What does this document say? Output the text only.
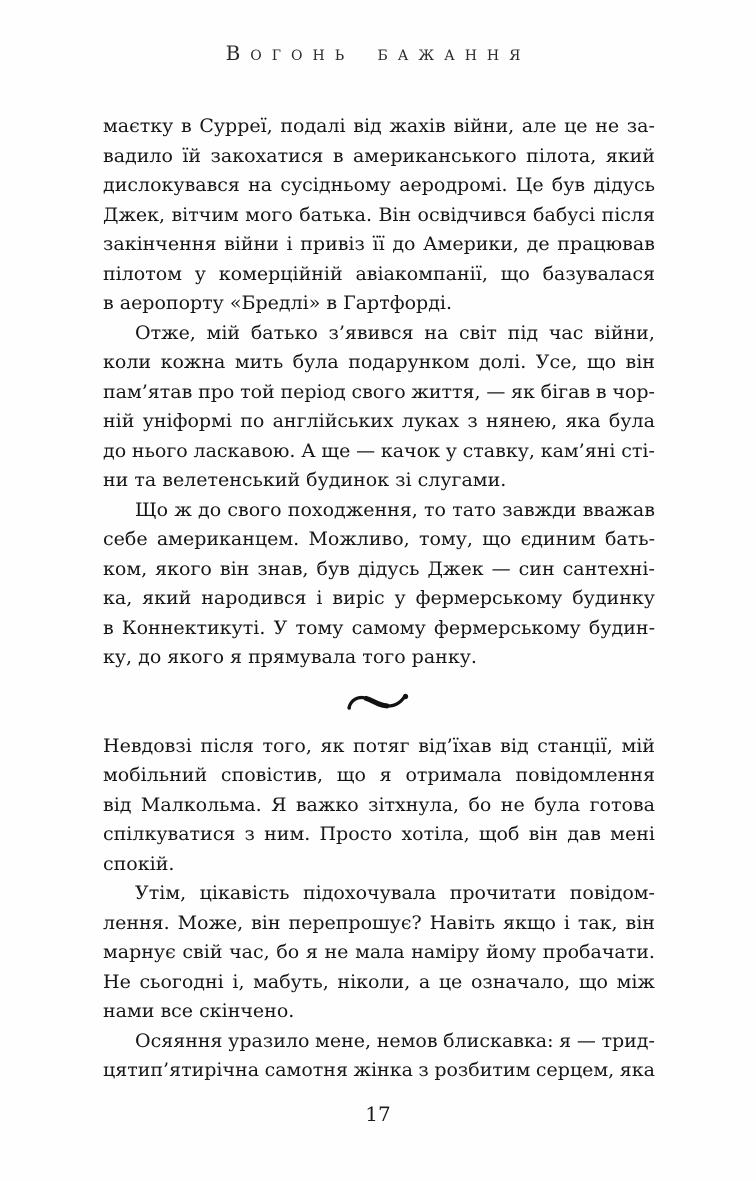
Вогонь бажання
маєтку в Сурреї, подалі від жахів війни, але це не за-
вадило їй закохатися в американського пілота, який
дислокувався на сусідньому аеродромі. Це був дідусь
Джек, вітчим мого батька. Він освідчився бабусі після
закінчення війни і привіз її до Америки, де працював
пілотом у комерційній авіакомпанії, що базувалася
в аеропорту «Бредлі» в Гартфорді.
Отже, мій батько з’явився на світ під час війни,
коли кожна мить була подарунком долі. Усе, що він
пам’ятав про той період свого життя, — як бігав в чор-
ній уніформі по англійських луках з нянею, яка була
до нього ласкавою. А ще — качок у ставку, кам’яні сті-
ни та велетенський будинок зі слугами.
Що ж до свого походження, то тато завжди вважав
себе американцем. Можливо, тому, що єдиним бать-
ком, якого він знав, був дідусь Джек — син сантехні-
ка, який народився і виріс у фермерському будинку
в Коннектикуті. У тому самому фермерському будин-
ку, до якого я прямувала того ранку.
Невдовзі після того, як потяг від’їхав від станції, мій
мобільний сповістив, що я отримала повідомлення
від Малкольма. Я важко зітхнула, бо не була готова
спілкуватися з ним. Просто хотіла, щоб він дав мені
спокій.
Утім, цікавість підохочувала прочитати повідом-
лення. Може, він перепрошує? Навіть якщо і так, він
марнує свій час, бо я не мала наміру йому пробачати.
Не сьогодні і, мабуть, ніколи, а це означало, що між
нами все скінчено.
Осяяння уразило мене, немов блискавка: я — трид-
цятип’ятирічна самотня жінка з розбитим серцем, яка
17
